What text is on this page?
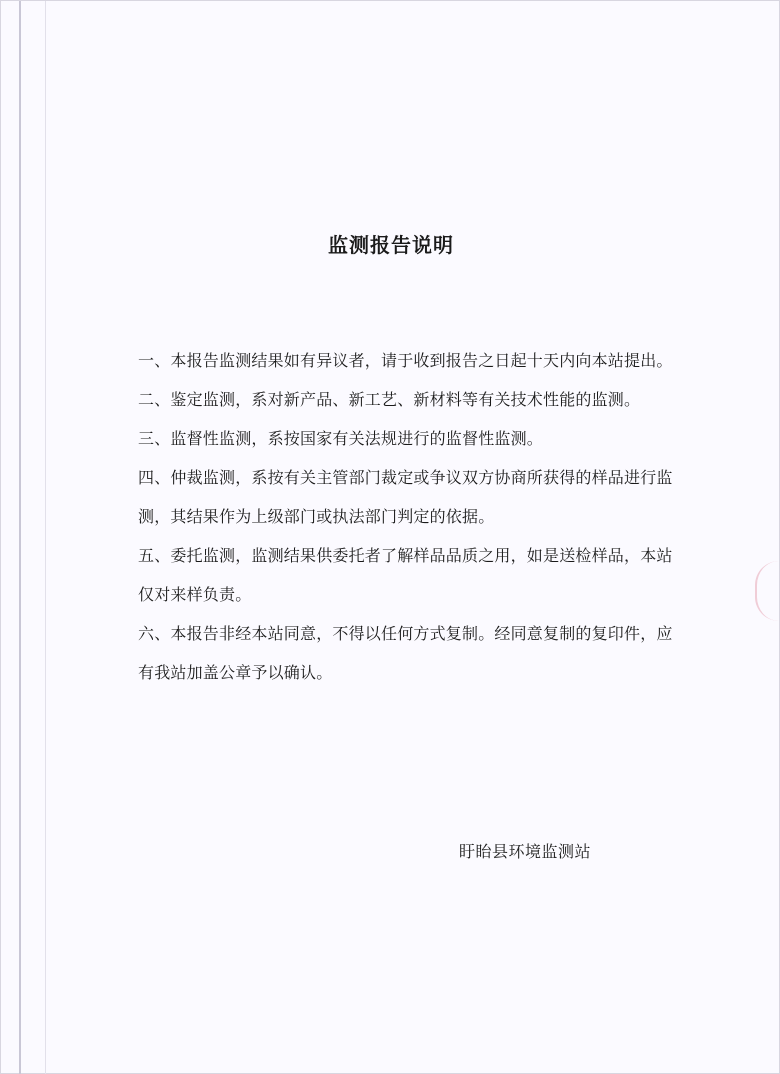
监测报告说明

一、本报告监测结果如有异议者，请于收到报告之日起十天内向本站提出。

二、鉴定监测，系对新产品、新工艺、新材料等有关技术性能的监测。

三、监督性监测，系按国家有关法规进行的监督性监测。

四、仲裁监测，系按有关主管部门裁定或争议双方协商所获得的样品进行监测，其结果作为上级部门或执法部门判定的依据。

五、委托监测，监测结果供委托者了解样品品质之用，如是送检样品，本站仅对来样负责。

六、本报告非经本站同意，不得以任何方式复制。经同意复制的复印件，应有我站加盖公章予以确认。

盱眙县环境监测站
